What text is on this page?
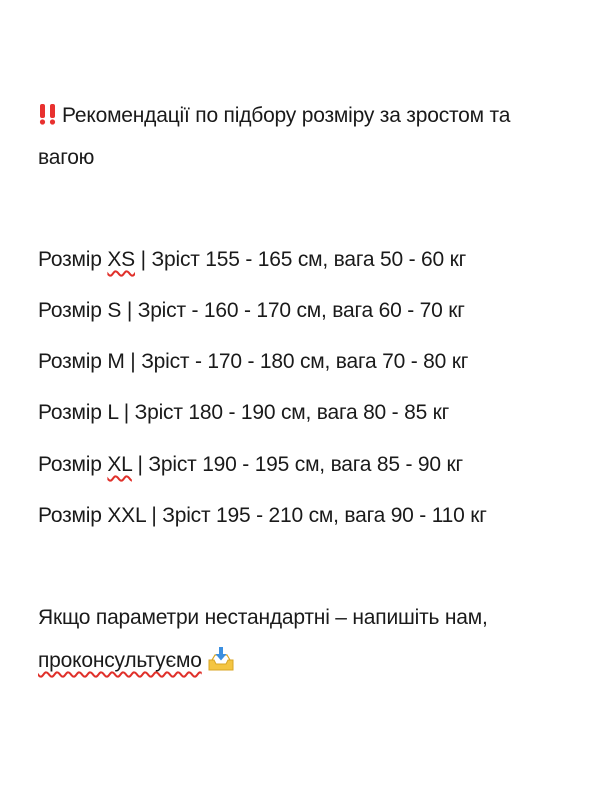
Рекомендації по підбору розміру за зростом та
вагою
Розмір XS | Зріст 155 - 165 см, вага 50 - 60 кг
Розмір S | Зріст - 160 - 170 см, вага 60 - 70 кг
Розмір M | Зріст - 170 - 180 см, вага 70 - 80 кг
Розмір L | Зріст 180 - 190 см, вага 80 - 85 кг
Розмір XL | Зріст 190 - 195 см, вага 85 - 90 кг
Розмір XXL | Зріст 195 - 210 см, вага 90 - 110 кг
Якщо параметри нестандартні – напишіть нам,
проконсультуємо
